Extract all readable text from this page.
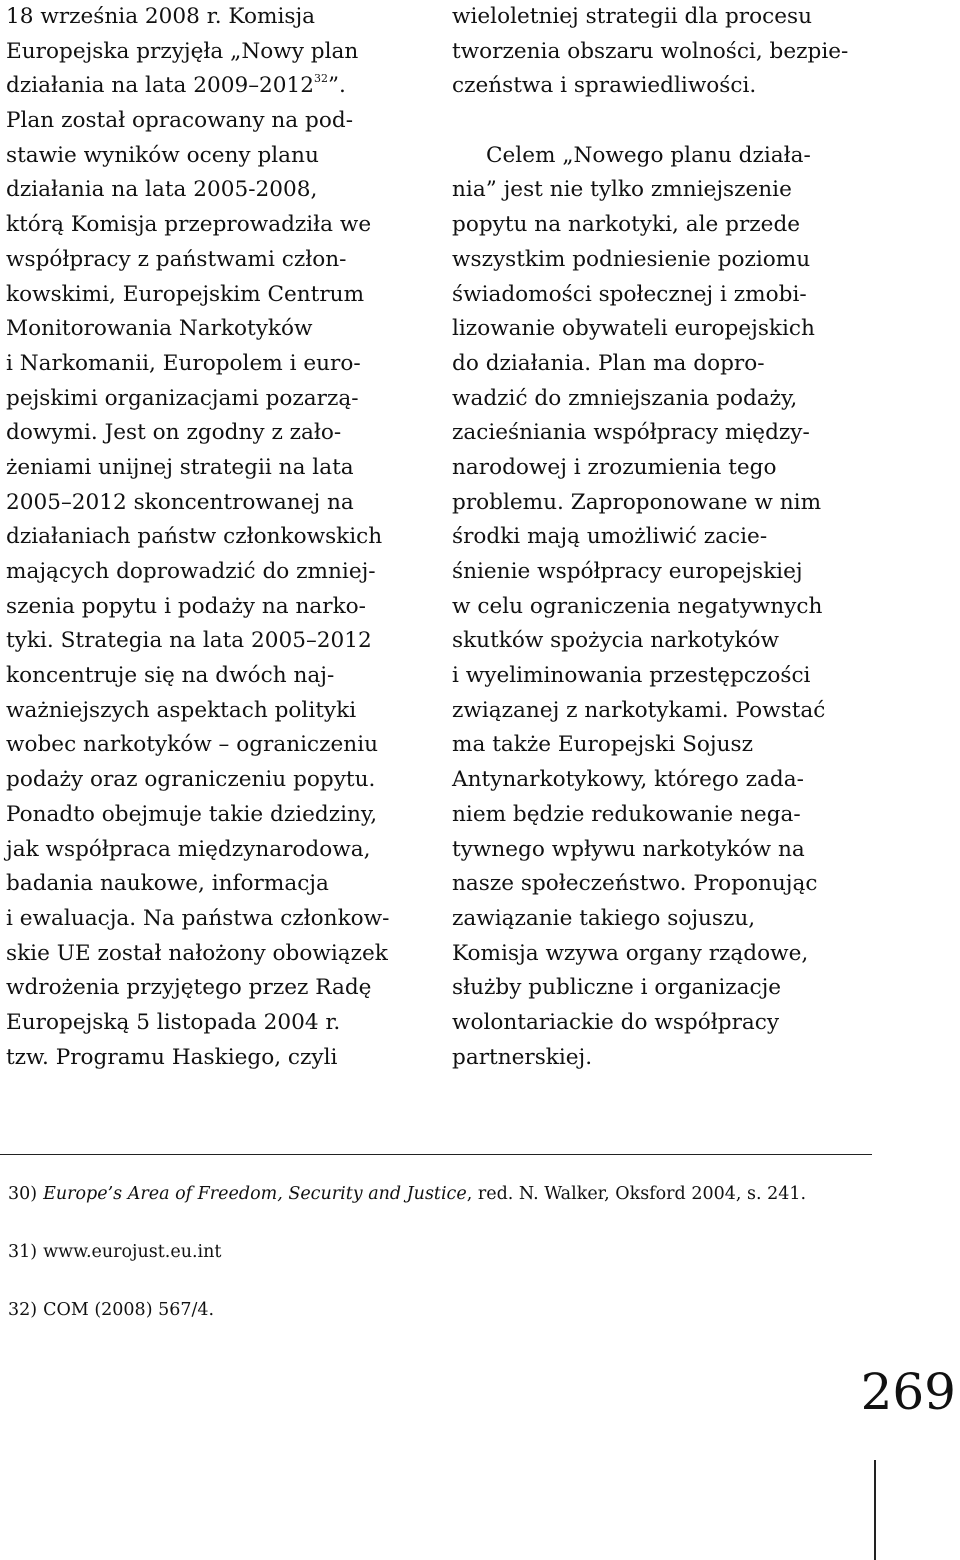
18 września 2008 r. Komisja
Europejska przyjęła „Nowy plan
działania na lata 2009–2012$^{32}$”.
Plan został opracowany na pod-
stawie wyników oceny planu
działania na lata 2005-2008,
którą Komisja przeprowadziła we
współpracy z państwami człon-
kowskimi, Europejskim Centrum
Monitorowania Narkotyków
i Narkomanii, Europolem i euro-
pejskimi organizacjami pozarzą-
dowymi. Jest on zgodny z zało-
żeniami unijnej strategii na lata
2005–2012 skoncentrowanej na
działaniach państw członkowskich
mających doprowadzić do zmniej-
szenia popytu i podaży na narko-
tyki. Strategia na lata 2005–2012
koncentruje się na dwóch naj-
ważniejszych aspektach polityki
wobec narkotyków – ograniczeniu
podaży oraz ograniczeniu popytu.
Ponadto obejmuje takie dziedziny,
jak współpraca międzynarodowa,
badania naukowe, informacja
i ewaluacja. Na państwa członkow-
skie UE został nałożony obowiązek
wdrożenia przyjętego przez Radę
Europejską 5 listopada 2004 r.
tzw. Programu Haskiego, czyli
wieloletniej strategii dla procesu
tworzenia obszaru wolności, bezpie-
czeństwa i sprawiedliwości.
Celem „Nowego planu działa-
nia” jest nie tylko zmniejszenie
popytu na narkotyki, ale przede
wszystkim podniesienie poziomu
świadomości społecznej i zmobi-
lizowanie obywateli europejskich
do działania. Plan ma dopro-
wadzić do zmniejszania podaży,
zacieśniania współpracy między-
narodowej i zrozumienia tego
problemu. Zaproponowane w nim
środki mają umożliwić zacie-
śnienie współpracy europejskiej
w celu ograniczenia negatywnych
skutków spożycia narkotyków
i wyeliminowania przestępczości
związanej z narkotykami. Powstać
ma także Europejski Sojusz
Antynarkotykowy, którego zada-
niem będzie redukowanie nega-
tywnego wpływu narkotyków na
nasze społeczeństwo. Proponując
zawiązanie takiego sojuszu,
Komisja wzywa organy rządowe,
służby publiczne i organizacje
wolontariackie do współpracy
partnerskiej.
30) Europe’s Area of Freedom, Security and Justice, red. N. Walker, Oksford 2004, s. 241.
31) www.eurojust.eu.int
32) COM (2008) 567/4.
269
